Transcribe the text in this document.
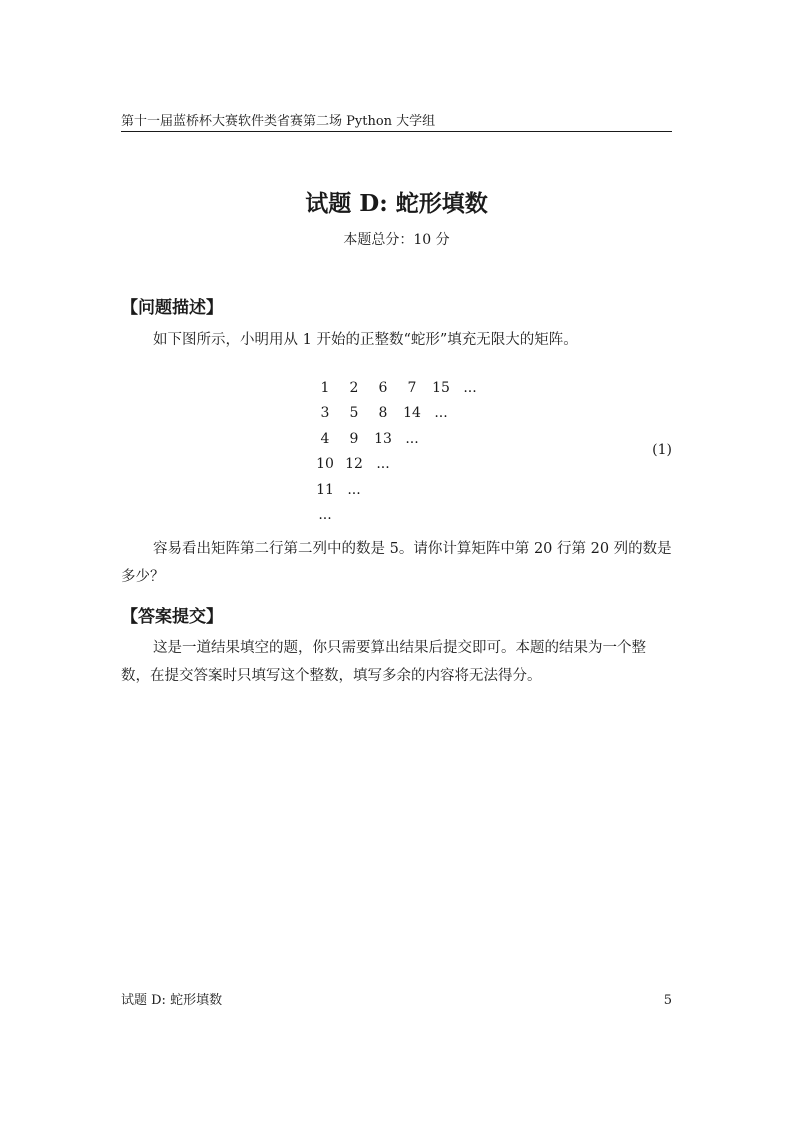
第十一届蓝桥杯大赛软件类省赛第二场 Python 大学组
试题 D: 蛇形填数
本题总分：10 分
【问题描述】
如下图所示，小明用从 1 开始的正整数“蛇形”填充无限大的矩阵。
1	2	6	7	15 ...
3	5	8	14 ...
4	9	13 ...
10 12 ...
11 ...
...
(1)
容易看出矩阵第二行第二列中的数是 5。请你计算矩阵中第 20 行第 20 列的数是多少？
【答案提交】
这是一道结果填空的题，你只需要算出结果后提交即可。本题的结果为一个整数，在提交答案时只填写这个整数，填写多余的内容将无法得分。
试题 D: 蛇形填数	5
